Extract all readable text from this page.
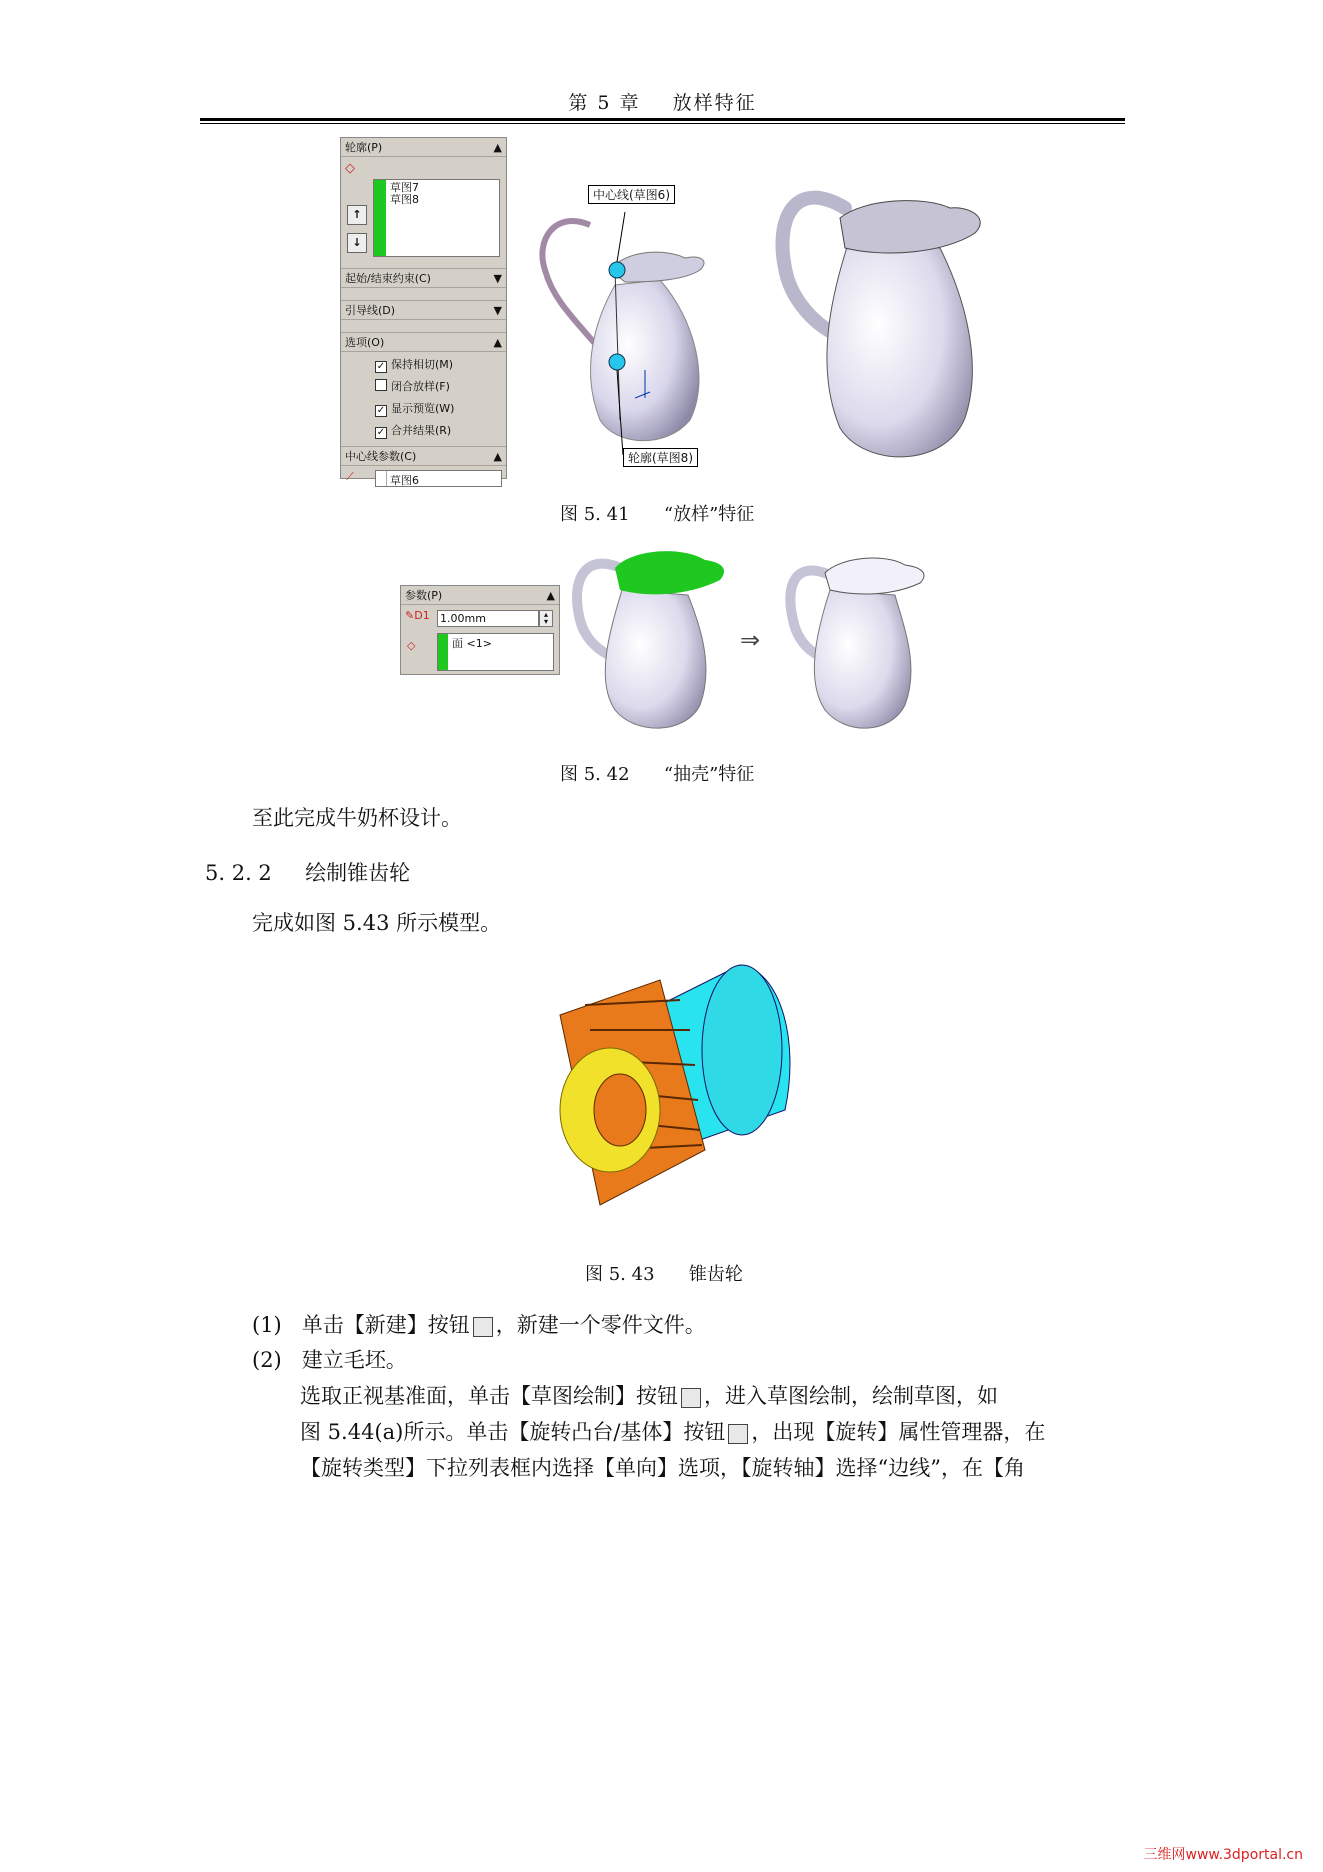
第 5 章 放样特征
轮廓(P)	▲
◇
↑
↓
草图7
草图8
起始/结束约束(C)	▼
引导线(D)	▼
选项(O)	▲
✓ 保持相切(M)
闭合放样(F)
✓ 显示预览(W)
✓ 合并结果(R)
中心线参数(C)	▲
⟋	草图6
中心线(草图6)
轮廓(草图8)
图 5. 41 “放样”特征
参数(P)	▲
✎D1 1.00mm	▴
▾
◇	面 <1>	⇒
图 5. 42 “抽壳”特征
至此完成牛奶杯设计。
5. 2. 2 绘制锥齿轮
完成如图 5.43 所示模型。
图 5. 43 锥齿轮
(1) 单击【新建】按钮 ，新建一个零件文件。
(2) 建立毛坯。
选取正视基准面，单击【草图绘制】按钮 ，进入草图绘制，绘制草图，如
图 5.44(a)所示。单击【旋转凸台/基体】按钮 ，出现【旋转】属性管理器，在
【旋转类型】下拉列表框内选择【单向】选项，【旋转轴】选择“边线”，在【角
三维网www.3dportal.cn
